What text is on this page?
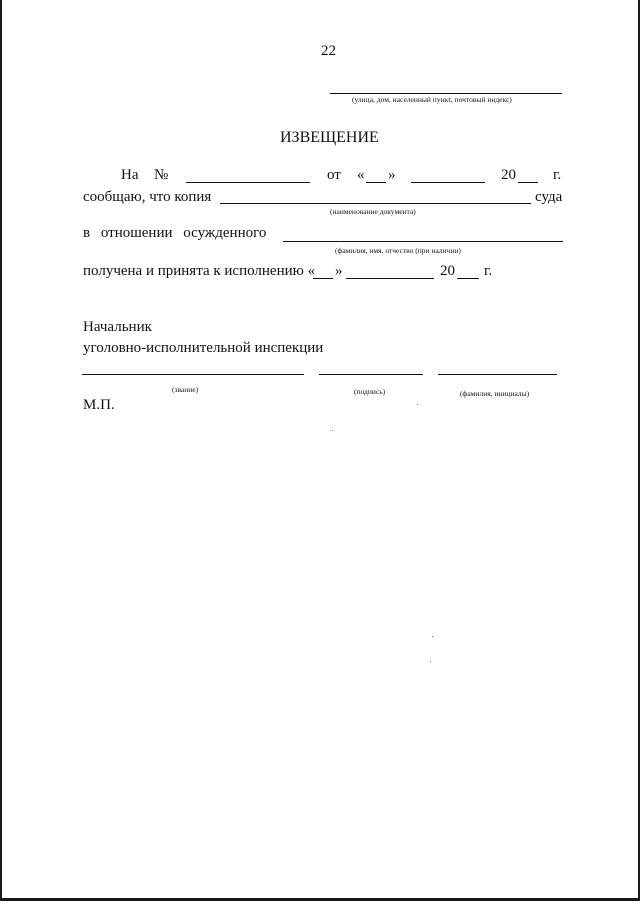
22
(улица, дом, населенный пункт, почтовый индекс)
ИЗВЕЩЕНИЕ
На №	от « »	20 г.
сообщаю, что копия	суда
(наименование документа)
в отношении осужденного
(фамилия, имя, отчество (при наличии)
получена и принята к исполнению « »	20 г.
Начальник
уголовно-исполнительной инспекции
(звание)	(подпись)	(фамилия, инициалы)
М.П.
